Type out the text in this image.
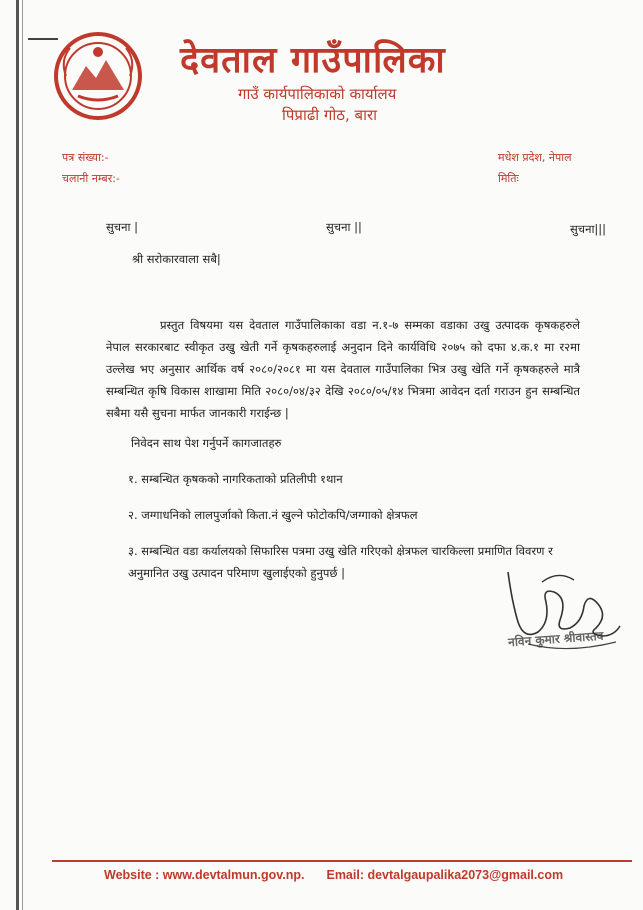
देवताल गाउँपालिका
गाउँ कार्यपालिकाको कार्यालय
पिप्राढी गोठ, बारा
पत्र संख्या:-
चलानी नम्बर:-
मधेश प्रदेश, नेपाल
मितिः
सुचना |	सुचना ||	सुचना|||
श्री सरोकारवाला सबै|
प्रस्तुत विषयमा यस देवताल गाउँपालिकाका वडा न.१-७ सम्मका वडाका उखु उत्पादक कृषकहरुले नेपाल सरकारबाट स्वीकृत उखु खेती गर्ने कृषकहरुलाई अनुदान दिने कार्यविधि २०७५ को दफा ४.क.१ मा र२मा उल्लेख भए अनुसार आर्थिक वर्ष २०८०/२०८१ मा यस देवताल गाउँपालिका भित्र उखु खेति गर्ने कृषकहरुले मात्रै सम्बन्धित कृषि विकास शाखामा मिति २०८०/०४/३२ देखि २०८०/०५/१४ भित्रमा आवेदन दर्ता गराउन हुन सम्बन्धित सबैमा यसै सुचना मार्फत जानकारी गराईन्छ |
निवेदन साथ पेश गर्नुपर्ने कागजातहरु
१. सम्बन्धित कृषकको नागरिकताको प्रतिलीपी १थान
२. जग्गाधनिको लालपुर्जाको किता.नं खुल्ने फोटोकपि/जग्गाको क्षेत्रफल
३. सम्बन्धित वडा कर्यालयको सिफारिस पत्रमा उखु खेति गरिएको क्षेत्रफल चारकिल्ला प्रमाणित विवरण र अनुमानित उखु उत्पादन परिमाण खुलाईएको हुनुपर्छ |
नविन कुमार श्रीवास्तव
Website : www.devtalmun.gov.np. Email: devtalgaupalika2073@gmail.com
